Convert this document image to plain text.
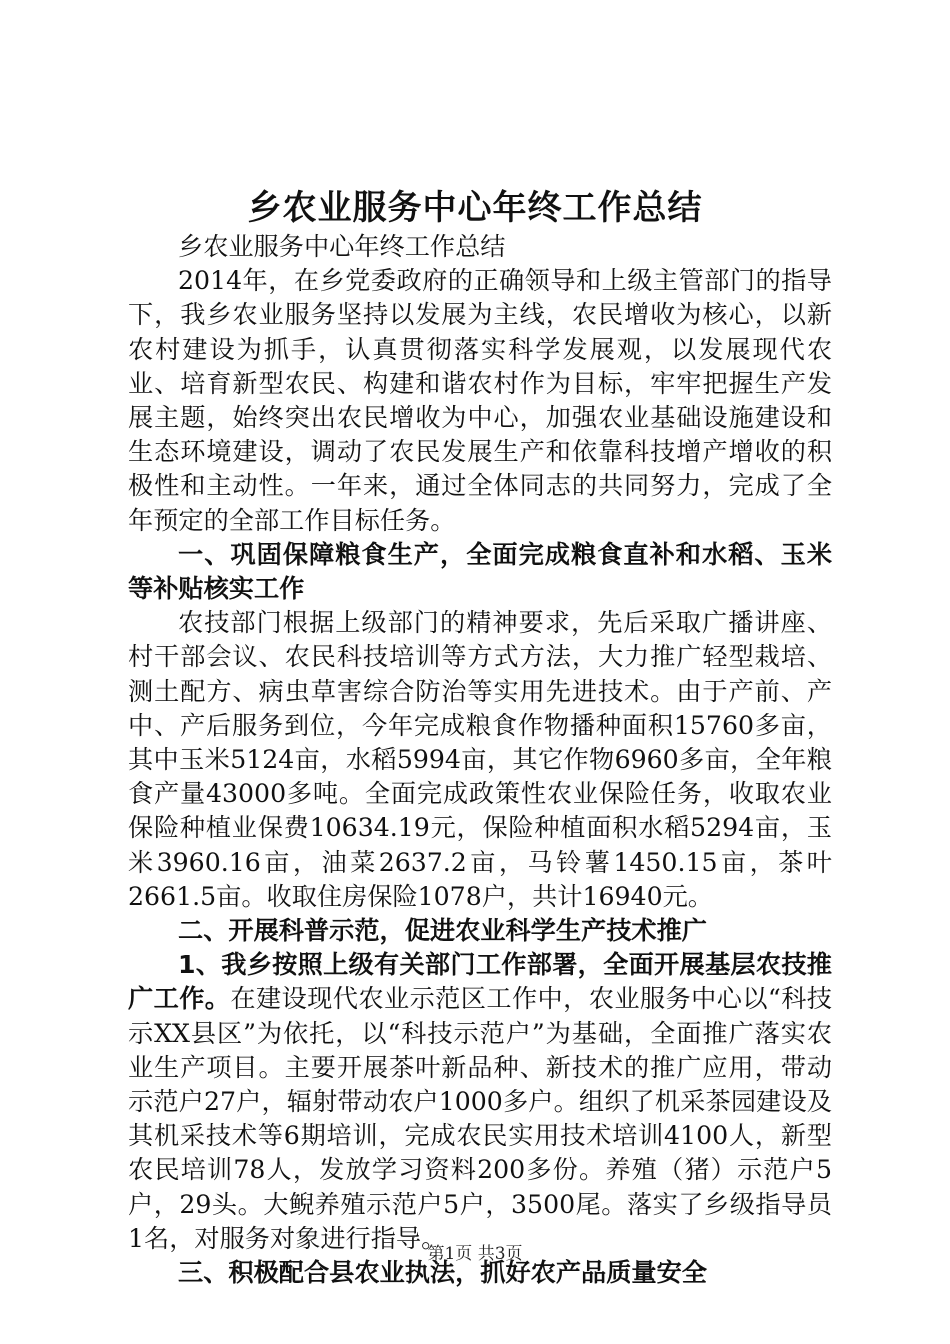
乡农业服务中心年终工作总结

乡农业服务中心年终工作总结

2014年，在乡党委政府的正确领导和上级主管部门的指导下，我乡农业服务坚持以发展为主线，农民增收为核心，以新农村建设为抓手，认真贯彻落实科学发展观，以发展现代农业、培育新型农民、构建和谐农村作为目标，牢牢把握生产发展主题，始终突出农民增收为中心，加强农业基础设施建设和生态环境建设，调动了农民发展生产和依靠科技增产增收的积极性和主动性。一年来，通过全体同志的共同努力，完成了全年预定的全部工作目标任务。

一、巩固保障粮食生产，全面完成粮食直补和水稻、玉米等补贴核实工作

农技部门根据上级部门的精神要求，先后采取广播讲座、村干部会议、农民科技培训等方式方法，大力推广轻型栽培、测土配方、病虫草害综合防治等实用先进技术。由于产前、产中、产后服务到位，今年完成粮食作物播种面积15760多亩，其中玉米5124亩，水稻5994亩，其它作物6960多亩，全年粮食产量43000多吨。全面完成政策性农业保险任务，收取农业保险种植业保费10634.19元，保险种植面积水稻5294亩，玉米3960.16亩，油菜2637.2亩，马铃薯1450.15亩，茶叶2661.5亩。收取住房保险1078户，共计16940元。

二、开展科普示范，促进农业科学生产技术推广

1、我乡按照上级有关部门工作部署，全面开展基层农技推广工作。在建设现代农业示范区工作中，农业服务中心以“科技示XX县区”为依托，以“科技示范户”为基础，全面推广落实农业生产项目。主要开展茶叶新品种、新技术的推广应用，带动示范户27户，辐射带动农户1000多户。组织了机采茶园建设及其机采技术等6期培训，完成农民实用技术培训4100人，新型农民培训78人，发放学习资料200多份。养殖（猪）示范户5户，29头。大鲵养殖示范户5户，3500尾。落实了乡级指导员1名，对服务对象进行指导。

三、积极配合县农业执法，抓好农产品质量安全

第1页 共3页
